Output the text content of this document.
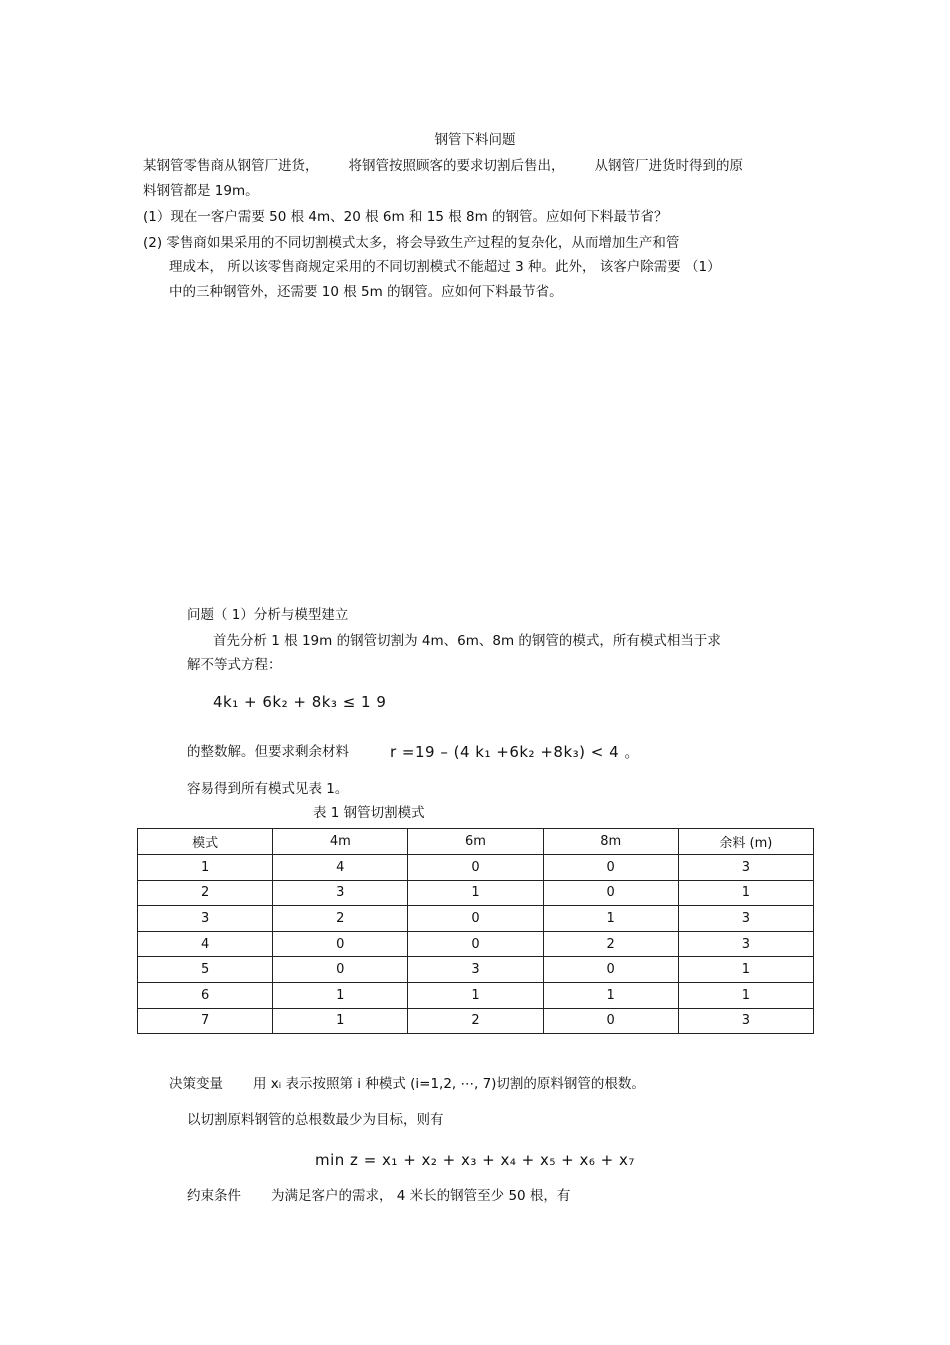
钢管下料问题
某钢管零售商从钢管厂进货， 将钢管按照顾客的要求切割后售出， 从钢管厂进货时得到的原
料钢管都是 19m。
(1）现在一客户需要 50 根 4m、20 根 6m 和 15 根 8m 的钢管。应如何下料最节省？
(2) 零售商如果采用的不同切割模式太多，将会导致生产过程的复杂化，从而增加生产和管
理成本， 所以该零售商规定采用的不同切割模式不能超过 3 种。此外， 该客户除需要 （1）
中的三种钢管外，还需要 10 根 5m 的钢管。应如何下料最节省。
问题（ 1）分析与模型建立
首先分析 1 根 19m 的钢管切割为 4m、6m、8m 的钢管的模式，所有模式相当于求
解不等式方程：
4k₁ + 6k₂ + 8k₃ ≤ 1 9
的整数解。但要求剩余材料	r =19 – (4 k₁ +6k₂ +8k₃) < 4 。
容易得到所有模式见表 1。
表 1 钢管切割模式
模式	4m	6m	8m	余料 (m)
1	4	0	0	3
2	3	1	0	1
3	2	0	1	3
4	0	0	2	3
5	0	3	0	1
6	1	1	1	1
7	1	2	0	3
决策变量 用 xᵢ 表示按照第 i 种模式 (i=1,2, ⋯, 7)切割的原料钢管的根数。
以切割原料钢管的总根数最少为目标，则有
min z = x₁ + x₂ + x₃ + x₄ + x₅ + x₆ + x₇
约束条件 为满足客户的需求， 4 米长的钢管至少 50 根，有
